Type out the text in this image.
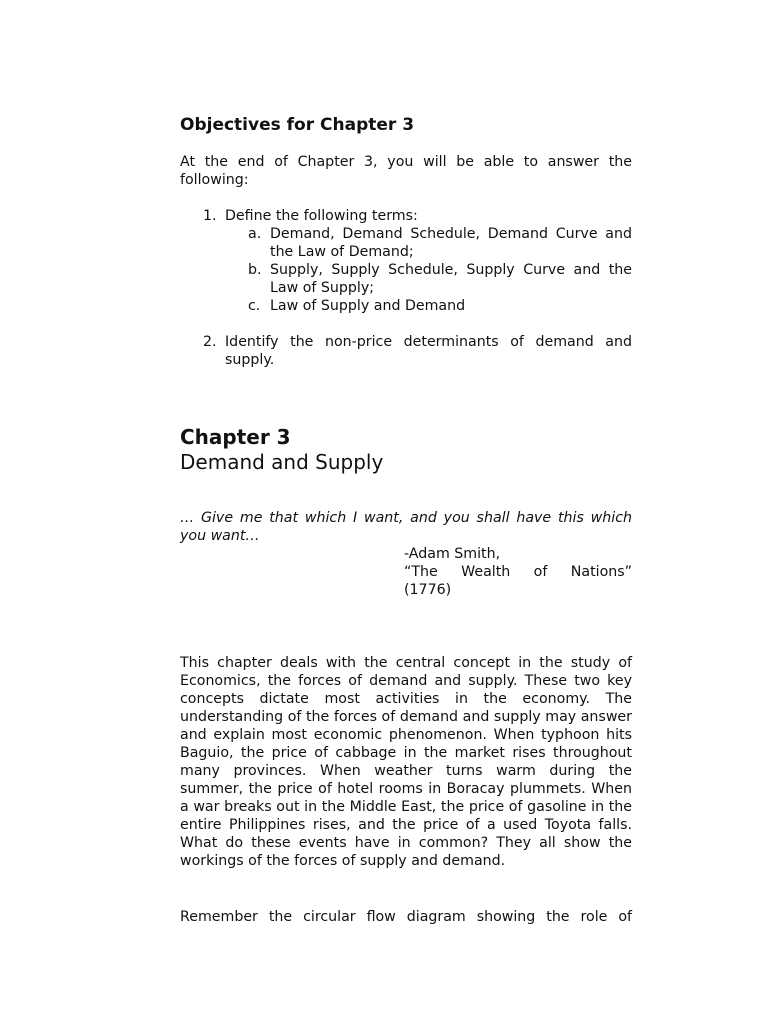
Objectives for Chapter 3
At the end of Chapter 3, you will be able to answer the following:
1. Define the following terms:
a. Demand, Demand Schedule, Demand Curve and the Law of Demand;
b. Supply, Supply Schedule, Supply Curve and the Law of Supply;
c. Law of Supply and Demand
2. Identify the non-price determinants of demand and supply.
Chapter 3
Demand and Supply
… Give me that which I want, and you shall have this which you want…
-Adam Smith,
“The Wealth of Nations”
(1776)
This chapter deals with the central concept in the study of Economics, the forces of demand and supply. These two key concepts dictate most activities in the economy. The understanding of the forces of demand and supply may answer and explain most economic phenomenon. When typhoon hits Baguio, the price of cabbage in the market rises throughout many provinces. When weather turns warm during the summer, the price of hotel rooms in Boracay plummets. When a war breaks out in the Middle East, the price of gasoline in the entire Philippines rises, and the price of a used Toyota falls. What do these events have in common? They all show the workings of the forces of supply and demand.
Remember the circular flow diagram showing the role of
